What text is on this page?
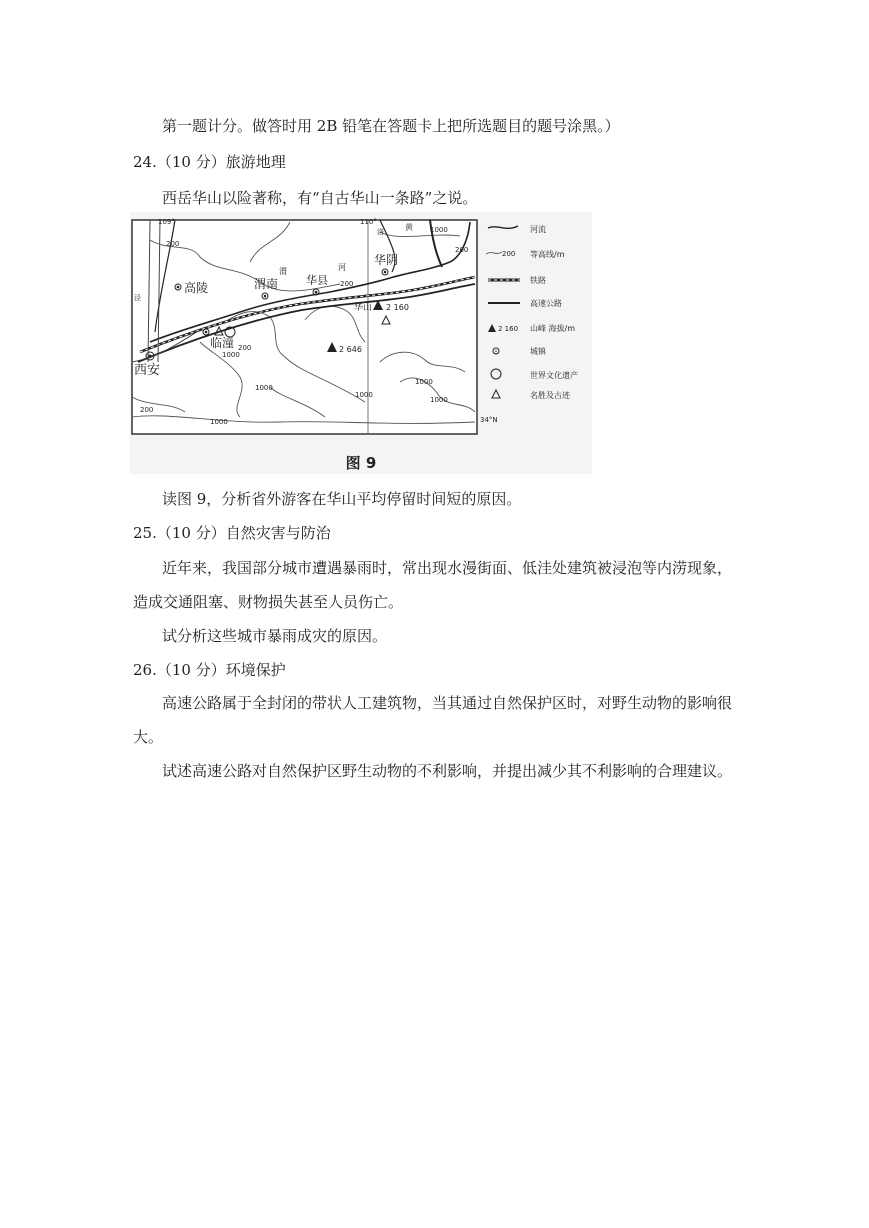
第一题计分。做答时用 2B 铅笔在答题卡上把所选题目的题号涂黑。）
24.（10 分）旅游地理
西岳华山以险著称，有“自古华山一条路”之说。
109°	110°
34°N
高陵	渭南	华县
华阴
临潼
西安
华山 2 160
2 646
渭	河
黄
洛
泾
200
200
200
200
200
1000
1000
1000
1000
1000
1000
1000
河流
200 等高线/m
铁路
高速公路
2 160 山峰 海拔/m
城镇
世界文化遗产
名胜及古迹
图 9
读图 9，分析省外游客在华山平均停留时间短的原因。
25.（10 分）自然灾害与防治
近年来，我国部分城市遭遇暴雨时，常出现水漫街面、低洼处建筑被浸泡等内涝现象，
造成交通阻塞、财物损失甚至人员伤亡。
试分析这些城市暴雨成灾的原因。
26.（10 分）环境保护
高速公路属于全封闭的带状人工建筑物，当其通过自然保护区时，对野生动物的影响很
大。
试述高速公路对自然保护区野生动物的不利影响，并提出减少其不利影响的合理建议。
